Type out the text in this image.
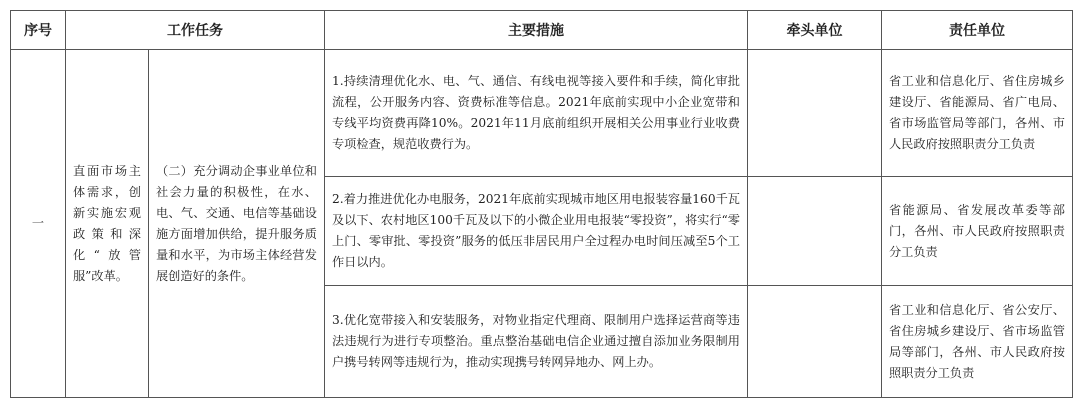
序号	工作任务		主要措施	牵头单位	责任单位
一	直面市场主体需求，创新实施宏观政策和深化“放管服”改革。	（二）充分调动企事业单位和社会力量的积极性，在水、电、气、交通、电信等基础设施方面增加供给，提升服务质量和水平，为市场主体经营发展创造好的条件。	1.持续清理优化水、电、气、通信、有线电视等接入要件和手续，简化审批流程，公开服务内容、资费标准等信息。2021年底前实现中小企业宽带和专线平均资费再降10%。2021年11月底前组织开展相关公用事业行业收费专项检查，规范收费行为。		省工业和信息化厅、省住房城乡建设厅、省能源局、省广电局、省市场监管局等部门，各州、市人民政府按照职责分工负责
			2.着力推进优化办电服务，2021年底前实现城市地区用电报装容量160千瓦及以下、农村地区100千瓦及以下的小微企业用电报装“零投资”，将实行“零上门、零审批、零投资”服务的低压非居民用户全过程办电时间压减至5个工作日以内。		省能源局、省发展改革委等部门，各州、市人民政府按照职责分工负责
			3.优化宽带接入和安装服务，对物业指定代理商、限制用户选择运营商等违法违规行为进行专项整治。重点整治基础电信企业通过擅自添加业务限制用户携号转网等违规行为，推动实现携号转网异地办、网上办。		省工业和信息化厅、省公安厅、省住房城乡建设厅、省市场监管局等部门，各州、市人民政府按照职责分工负责
